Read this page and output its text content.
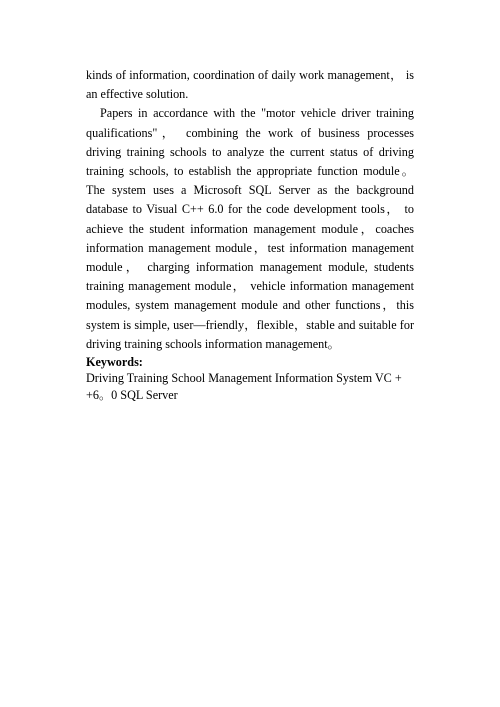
kinds of information, coordination of daily work management， is an effective solution.

Papers in accordance with the "motor vehicle driver training qualifications"， combining the work of business processes driving training schools to analyze the current status of driving training schools, to establish the appropriate function module。The system uses a Microsoft SQL Server as the background database to Visual C++ 6.0 for the code development tools， to achieve the student information management module，coaches information management module，test information management module， charging information management module, students training management module， vehicle information management modules, system management module and other functions，this system is simple, user—friendly，flexible，stable and suitable for driving training schools information management。

Keywords:

Driving Training School Management Information System VC + +6。0 SQL Server
